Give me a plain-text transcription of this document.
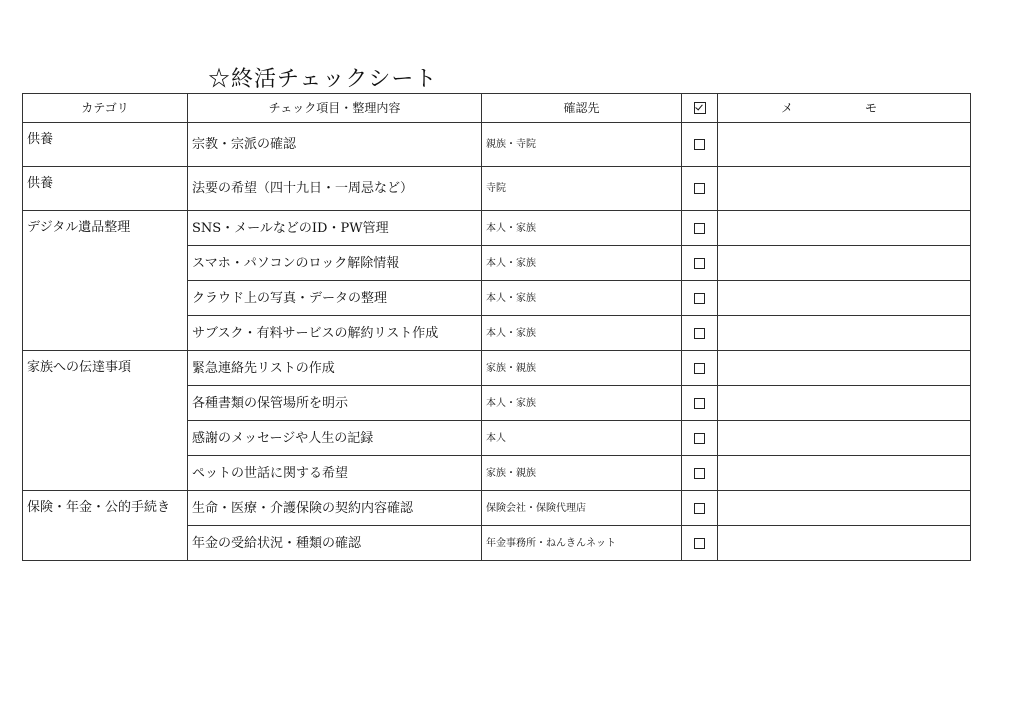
☆終活チェックシート
カテゴリ	チェック項目・整理内容	確認先		メ　モ
供養	宗教・宗派の確認	親族・寺院		
供養	法要の希望（四十九日・一周忌など）	寺院		
デジタル遺品整理	SNS・メールなどのID・PW管理	本人・家族		
	スマホ・パソコンのロック解除情報	本人・家族		
	クラウド上の写真・データの整理	本人・家族		
	サブスク・有料サービスの解約リスト作成	本人・家族		
家族への伝達事項	緊急連絡先リストの作成	家族・親族		
	各種書類の保管場所を明示	本人・家族		
	感謝のメッセージや人生の記録	本人		
	ペットの世話に関する希望	家族・親族		
保険・年金・公的手続き	生命・医療・介護保険の契約内容確認	保険会社・保険代理店		
	年金の受給状況・種類の確認	年金事務所・ねんきんネット		
